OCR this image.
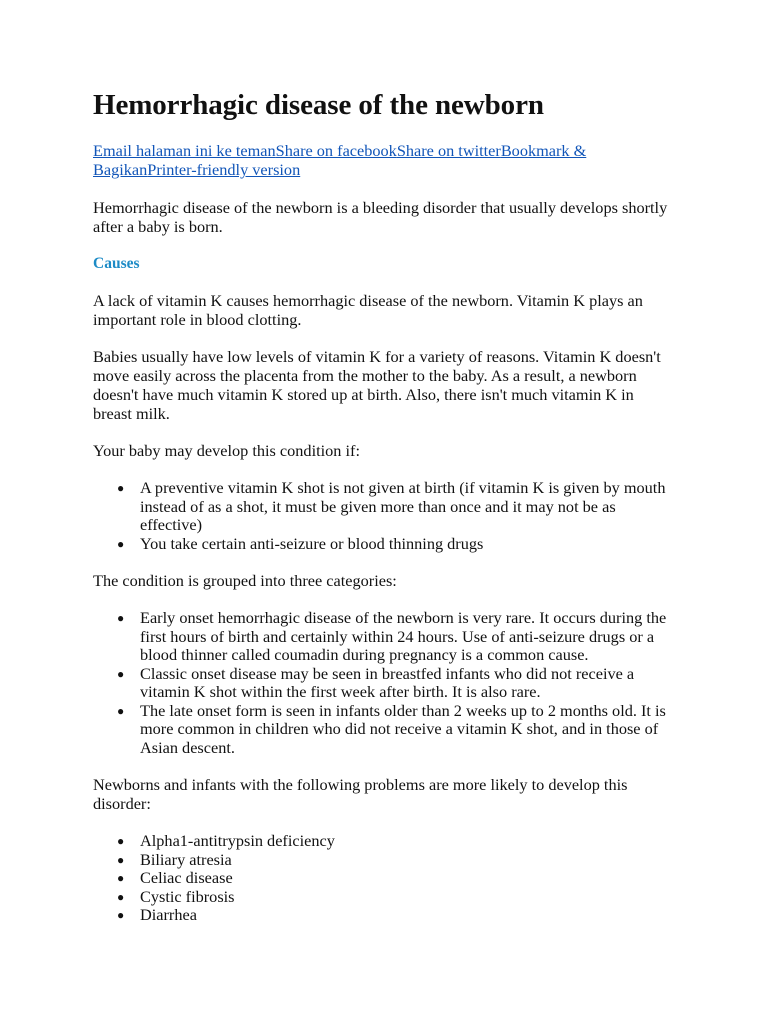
Hemorrhagic disease of the newborn
Email halaman ini ke temanShare on facebookShare on twitterBookmark & BagikanPrinter-friendly version

Hemorrhagic disease of the newborn is a bleeding disorder that usually develops shortly after a baby is born.

Causes

A lack of vitamin K causes hemorrhagic disease of the newborn. Vitamin K plays an important role in blood clotting.

Babies usually have low levels of vitamin K for a variety of reasons. Vitamin K doesn't move easily across the placenta from the mother to the baby. As a result, a newborn doesn't have much vitamin K stored up at birth. Also, there isn't much vitamin K in breast milk.

Your baby may develop this condition if:

● A preventive vitamin K shot is not given at birth (if vitamin K is given by mouth instead of as a shot, it must be given more than once and it may not be as effective)
● You take certain anti-seizure or blood thinning drugs

The condition is grouped into three categories:

● Early onset hemorrhagic disease of the newborn is very rare. It occurs during the first hours of birth and certainly within 24 hours. Use of anti-seizure drugs or a blood thinner called coumadin during pregnancy is a common cause.
● Classic onset disease may be seen in breastfed infants who did not receive a vitamin K shot within the first week after birth. It is also rare.
● The late onset form is seen in infants older than 2 weeks up to 2 months old. It is more common in children who did not receive a vitamin K shot, and in those of Asian descent.

Newborns and infants with the following problems are more likely to develop this disorder:

● Alpha1-antitrypsin deficiency
● Biliary atresia
● Celiac disease
● Cystic fibrosis
● Diarrhea
